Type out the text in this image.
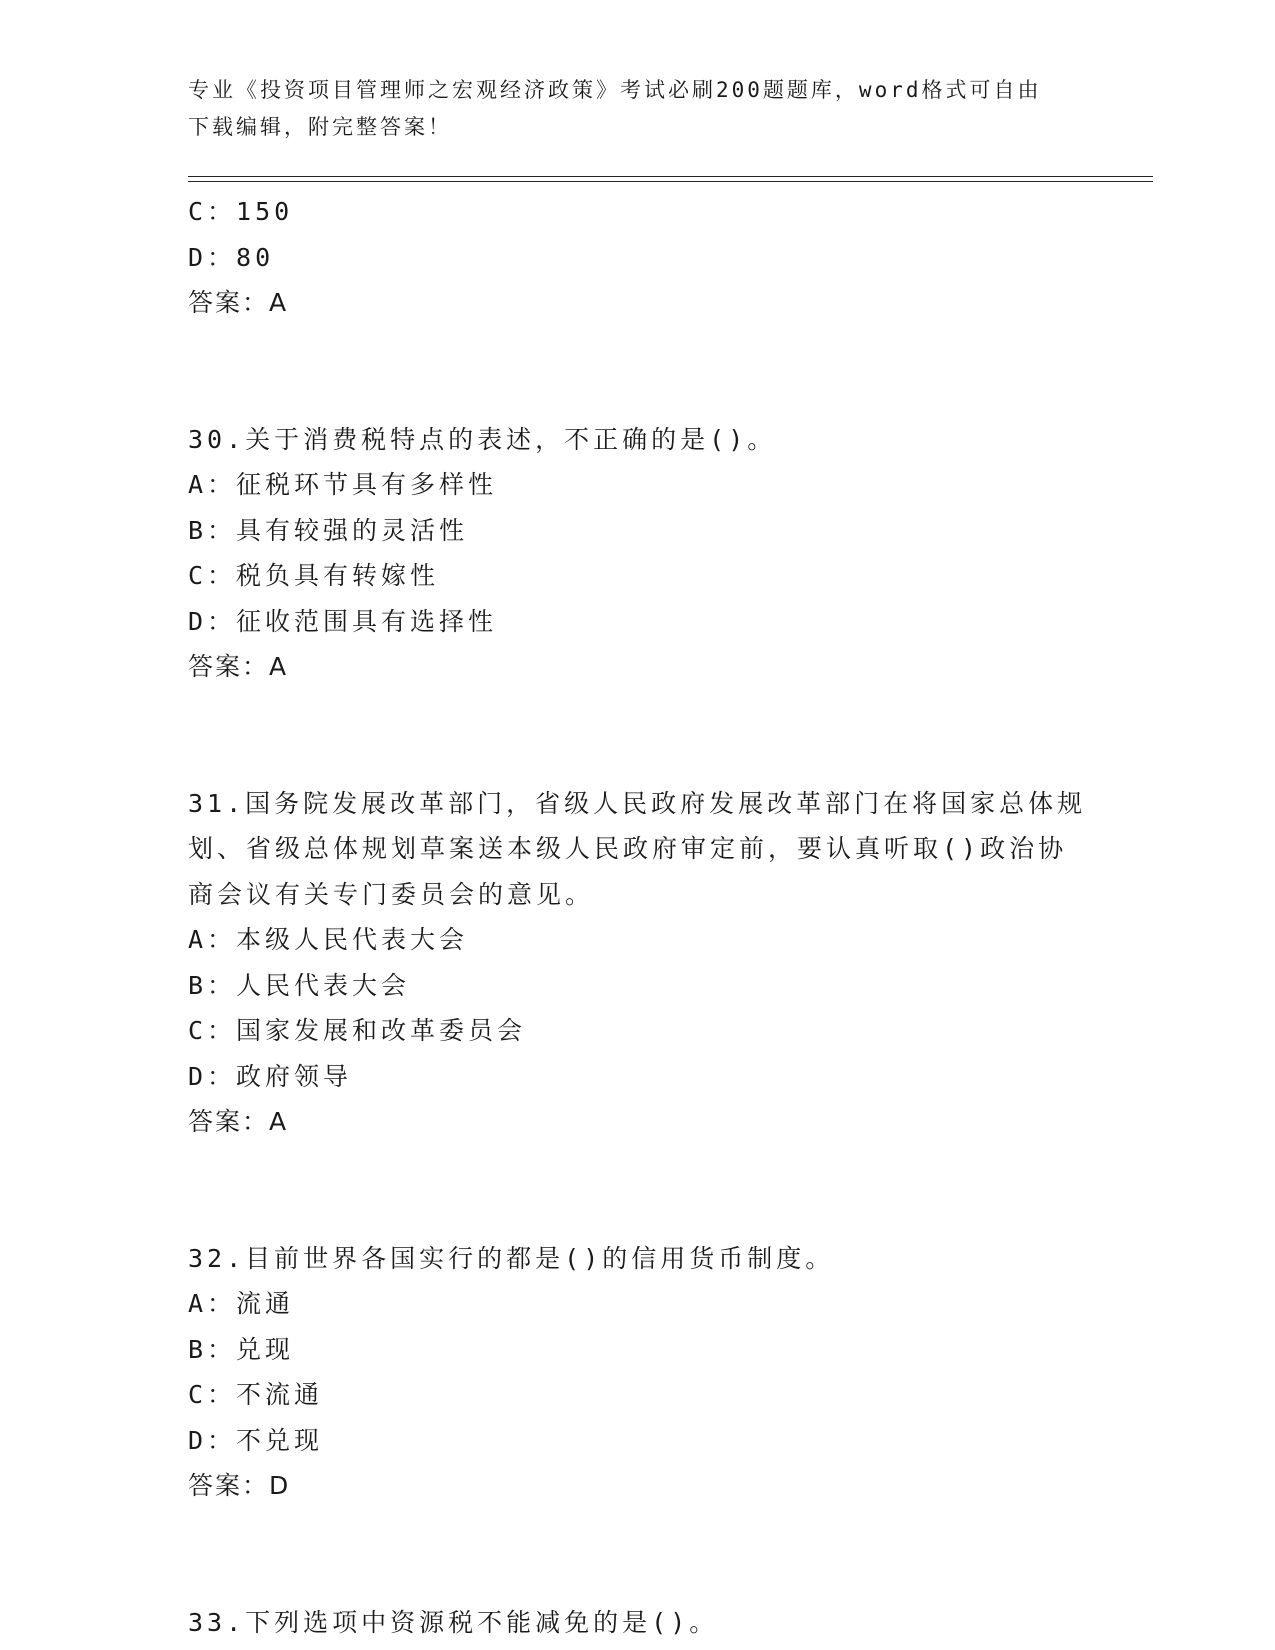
专业《投资项目管理师之宏观经济政策》考试必刷200题题库，word格式可自由
下载编辑，附完整答案！
C：150
D：80
答案：A
30.关于消费税特点的表述，不正确的是()。
A：征税环节具有多样性
B：具有较强的灵活性
C：税负具有转嫁性
D：征收范围具有选择性
答案：A
31.国务院发展改革部门，省级人民政府发展改革部门在将国家总体规
划、省级总体规划草案送本级人民政府审定前，要认真听取()政治协
商会议有关专门委员会的意见。
A：本级人民代表大会
B：人民代表大会
C：国家发展和改革委员会
D：政府领导
答案：A
32.目前世界各国实行的都是()的信用货币制度。
A：流通
B：兑现
C：不流通
D：不兑现
答案：D
33.下列选项中资源税不能减免的是()。
